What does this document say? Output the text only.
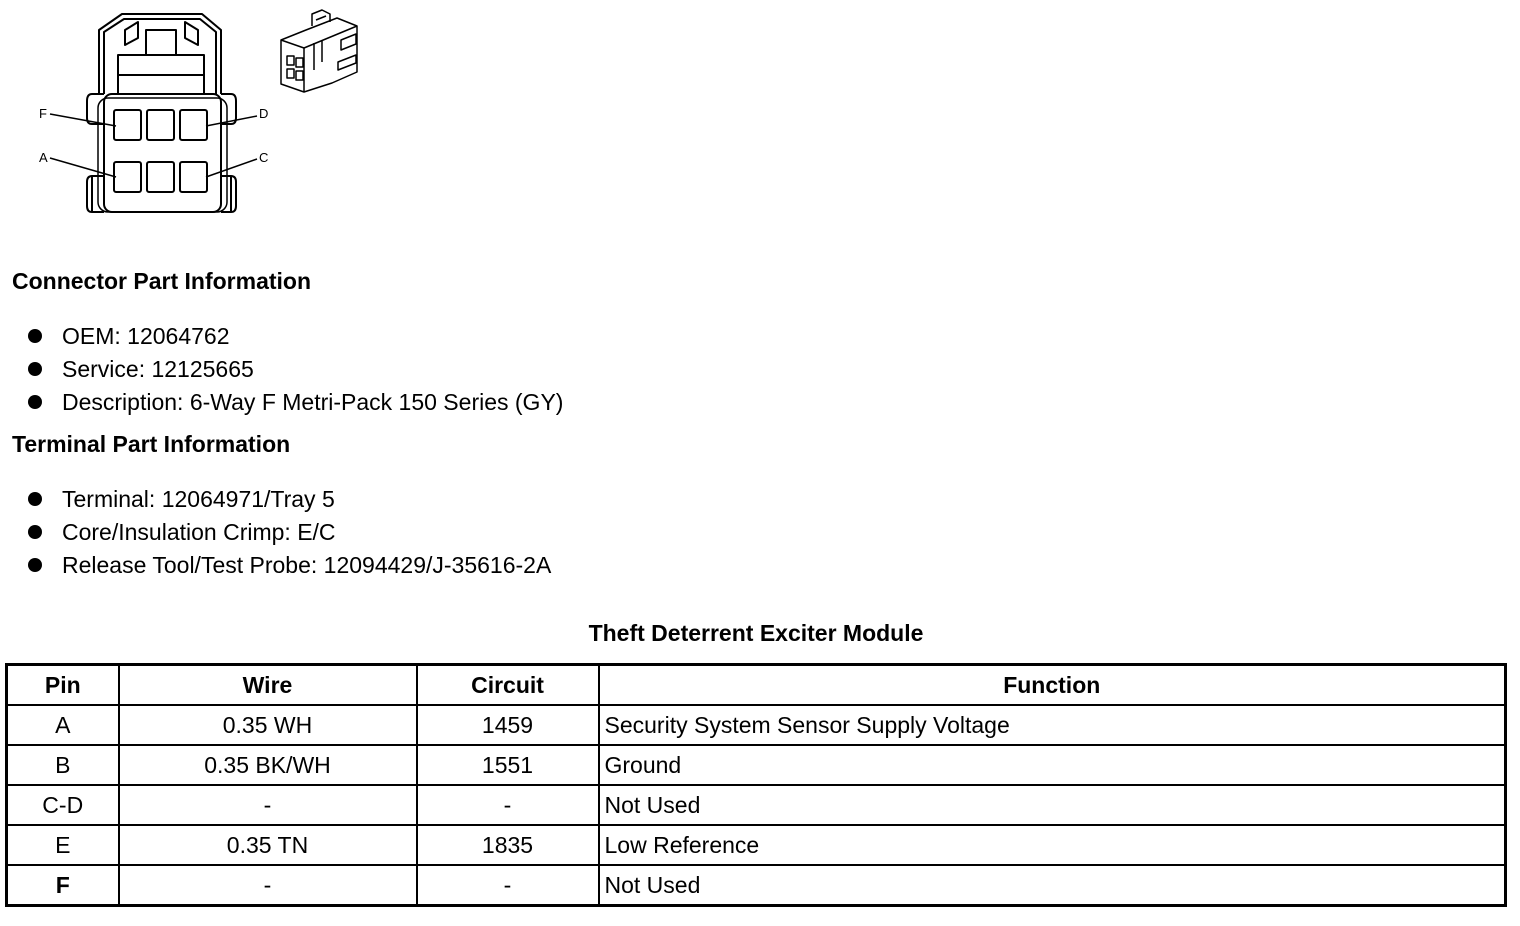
F	D
A	C
Connector Part Information
OEM: 12064762
Service: 12125665
Description: 6-Way F Metri-Pack 150 Series (GY)
Terminal Part Information
Terminal: 12064971/Tray 5
Core/Insulation Crimp: E/C
Release Tool/Test Probe: 12094429/J-35616-2A
Theft Deterrent Exciter Module
Pin	Wire	Circuit	Function
A	0.35 WH	1459	Security System Sensor Supply Voltage
B	0.35 BK/WH	1551	Ground
C-D	-	-	Not Used
E	0.35 TN	1835	Low Reference
F	-	-	Not Used
